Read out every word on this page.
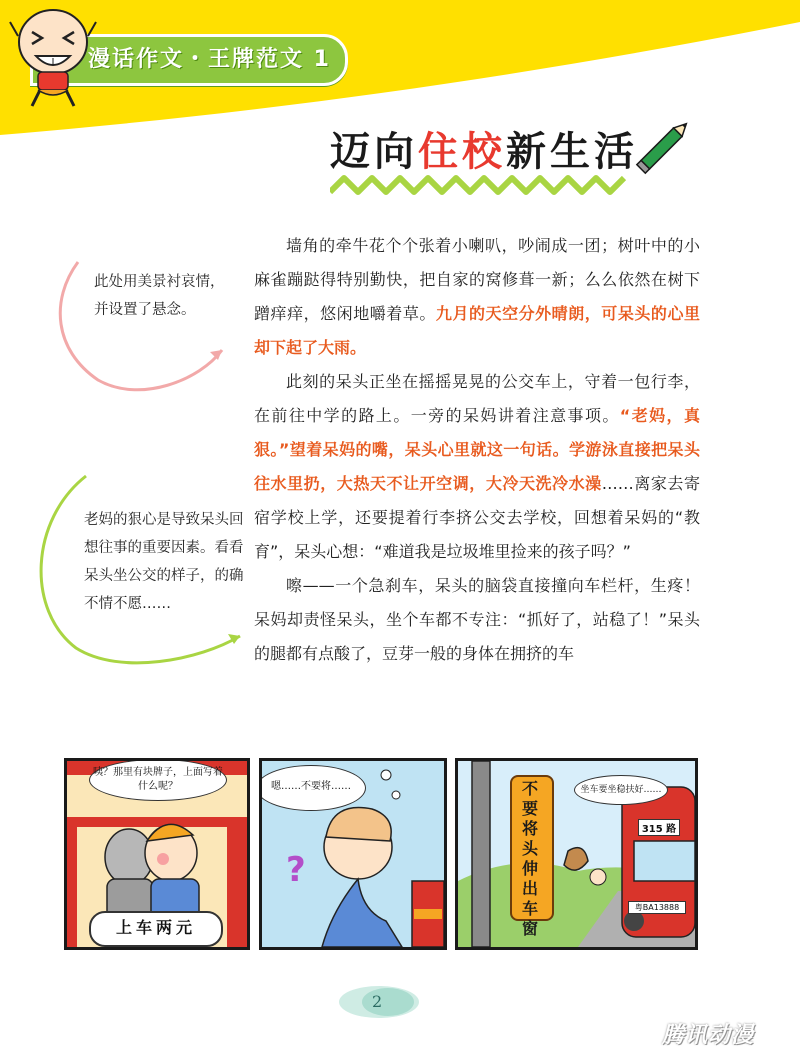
漫话作文・王牌范文 1
迈向住校新生活
此处用美景衬哀情，并设置了悬念。
老妈的狠心是导致呆头回想往事的重要因素。看看呆头坐公交的样子，的确不情不愿……

墙角的牵牛花个个张着小喇叭，吵闹成一团；树叶中的小麻雀蹦跶得特别勤快，把自家的窝修葺一新；么么依然在树下蹭痒痒，悠闲地嚼着草。九月的天空分外晴朗，可呆头的心里却下起了大雨。

此刻的呆头正坐在摇摇晃晃的公交车上，守着一包行李，在前往中学的路上。一旁的呆妈讲着注意事项。“老妈，真狠。”望着呆妈的嘴，呆头心里就这一句话。学游泳直接把呆头往水里扔，大热天不让开空调，大冷天洗冷水澡……离家去寄宿学校上学，还要提着行李挤公交去学校，回想着呆妈的“教育”，呆头心想：“难道我是垃圾堆里捡来的孩子吗？”

嚓——一个急刹车，呆头的脑袋直接撞向车栏杆，生疼！呆妈却责怪呆头，坐个车都不专注：“抓好了，站稳了！”呆头的腿都有点酸了，豆芽一般的身体在拥挤的车

咦？那里有块牌子，上面写着什么呢？
上车两元
?
嗯……不要将……	不要将头伸出车窗
坐车要坐稳扶好……
315 路
粤BA13888
2
腾讯动漫
